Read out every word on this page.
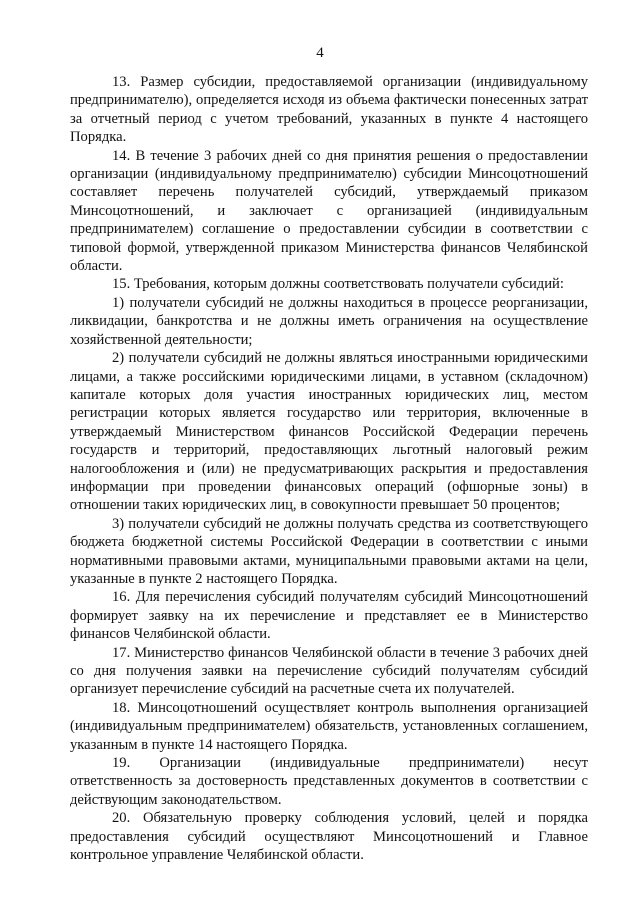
4

13. Размер субсидии, предоставляемой организации (индивидуальному предпринимателю), определяется исходя из объема фактически понесенных затрат за отчетный период с учетом требований, указанных в пункте 4 настоящего Порядка.

14. В течение 3 рабочих дней со дня принятия решения о предоставлении организации (индивидуальному предпринимателю) субсидии Минсоцотношений составляет перечень получателей субсидий, утверждаемый приказом Минсоцотношений, и заключает с организацией (индивидуальным предпринимателем) соглашение о предоставлении субсидии в соответствии с типовой формой, утвержденной приказом Министерства финансов Челябинской области.

15. Требования, которым должны соответствовать получатели субсидий:

1) получатели субсидий не должны находиться в процессе реорганизации, ликвидации, банкротства и не должны иметь ограничения на осуществление хозяйственной деятельности;

2) получатели субсидий не должны являться иностранными юридическими лицами, а также российскими юридическими лицами, в уставном (складочном) капитале которых доля участия иностранных юридических лиц, местом регистрации которых является государство или территория, включенные в утверждаемый Министерством финансов Российской Федерации перечень государств и территорий, предоставляющих льготный налоговый режим налогообложения и (или) не предусматривающих раскрытия и предоставления информации при проведении финансовых операций (офшорные зоны) в отношении таких юридических лиц, в совокупности превышает 50 процентов;

3) получатели субсидий не должны получать средства из соответствующего бюджета бюджетной системы Российской Федерации в соответствии с иными нормативными правовыми актами, муниципальными правовыми актами на цели, указанные в пункте 2 настоящего Порядка.

16. Для перечисления субсидий получателям субсидий Минсоцотношений формирует заявку на их перечисление и представляет ее в Министерство финансов Челябинской области.

17. Министерство финансов Челябинской области в течение 3 рабочих дней со дня получения заявки на перечисление субсидий получателям субсидий организует перечисление субсидий на расчетные счета их получателей.

18. Минсоцотношений осуществляет контроль выполнения организацией (индивидуальным предпринимателем) обязательств, установленных соглашением, указанным в пункте 14 настоящего Порядка.

19. Организации (индивидуальные предприниматели) несут ответственность за достоверность представленных документов в соответствии с действующим законодательством.

20. Обязательную проверку соблюдения условий, целей и порядка предоставления субсидий осуществляют Минсоцотношений и Главное контрольное управление Челябинской области.
